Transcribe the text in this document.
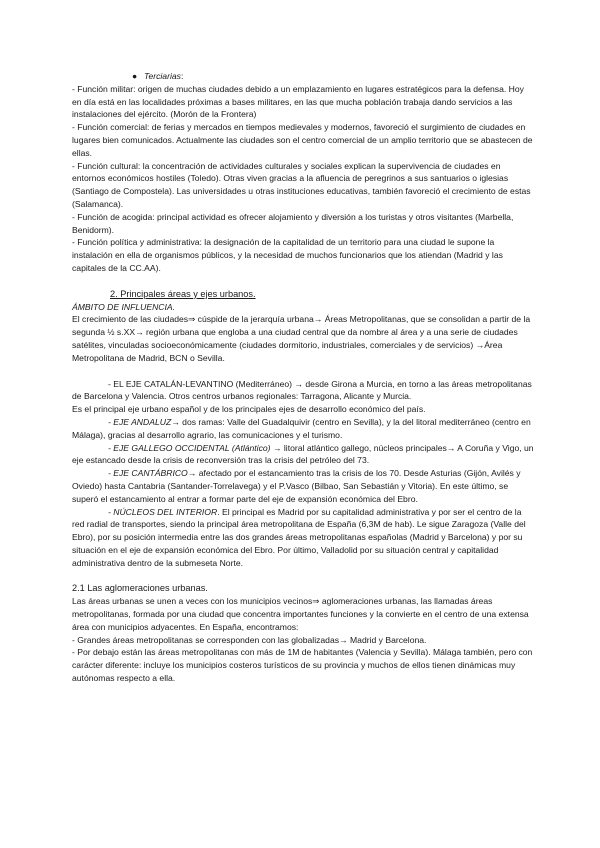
● Terciarias:

- Función militar: origen de muchas ciudades debido a un emplazamiento en lugares estratégicos para la defensa. Hoy en día está en las localidades próximas a bases militares, en las que mucha población trabaja dando servicios a las instalaciones del ejército. (Morón de la Frontera)

- Función comercial: de ferias y mercados en tiempos medievales y modernos, favoreció el surgimiento de ciudades en lugares bien comunicados. Actualmente las ciudades son el centro comercial de un amplio territorio que se abastecen de ellas.

- Función cultural: la concentración de actividades culturales y sociales explican la supervivencia de ciudades en entornos económicos hostiles (Toledo). Otras viven gracias a la afluencia de peregrinos a sus santuarios o iglesias (Santiago de Compostela). Las universidades u otras instituciones educativas, también favoreció el crecimiento de estas (Salamanca).

- Función de acogida: principal actividad es ofrecer alojamiento y diversión a los turistas y otros visitantes (Marbella, Benidorm).

- Función política y administrativa: la designación de la capitalidad de un territorio para una ciudad le supone la instalación en ella de organismos públicos, y la necesidad de muchos funcionarios que los atiendan (Madrid y las capitales de la CC.AA).

2. Principales áreas y ejes urbanos.

ÁMBITO DE INFLUENCIA.

El crecimiento de las ciudades⇒ cúspide de la jerarquía urbana→ Áreas Metropolitanas, que se consolidan a partir de la segunda ½ s.XX→ región urbana que engloba a una ciudad central que da nombre al área y a una serie de ciudades satélites, vinculadas socioeconómicamente (ciudades dormitorio, industriales, comerciales y de servicios) →Área Metropolitana de Madrid, BCN o Sevilla.

- EL EJE CATALÁN-LEVANTINO (Mediterráneo) → desde Girona a Murcia, en torno a las áreas metropolitanas de Barcelona y Valencia. Otros centros urbanos regionales: Tarragona, Alicante y Murcia.

Es el principal eje urbano español y de los principales ejes de desarrollo económico del país.

- EJE ANDALUZ→ dos ramas: Valle del Guadalquivir (centro en Sevilla), y la del litoral mediterráneo (centro en Málaga), gracias al desarrollo agrario, las comunicaciones y el turismo.

- EJE GALLEGO OCCIDENTAL (Atlántico) → litoral atlántico gallego, núcleos principales→ A Coruña y Vigo, un eje estancado desde la crisis de reconversión tras la crisis del petróleo del 73.

- EJE CANTÁBRICO→ afectado por el estancamiento tras la crisis de los 70. Desde Asturias (Gijón, Avilés y Oviedo) hasta Cantabria (Santander-Torrelavega) y el P.Vasco (Bilbao, San Sebastián y Vitoria). En este último, se superó el estancamiento al entrar a formar parte del eje de expansión económica del Ebro.

- NÚCLEOS DEL INTERIOR. El principal es Madrid por su capitalidad administrativa y por ser el centro de la red radial de transportes, siendo la principal área metropolitana de España (6,3M de hab). Le sigue Zaragoza (Valle del Ebro), por su posición intermedia entre las dos grandes áreas metropolitanas españolas (Madrid y Barcelona) y por su situación en el eje de expansión económica del Ebro. Por último, Valladolid por su situación central y capitalidad administrativa dentro de la submeseta Norte.

2.1 Las aglomeraciones urbanas.

Las áreas urbanas se unen a veces con los municipios vecinos⇒ aglomeraciones urbanas, las llamadas áreas metropolitanas, formada por una ciudad que concentra importantes funciones y la convierte en el centro de una extensa área con municipios adyacentes. En España, encontramos:

- Grandes áreas metropolitanas se corresponden con las globalizadas→ Madrid y Barcelona.

- Por debajo están las áreas metropolitanas con más de 1M de habitantes (Valencia y Sevilla). Málaga también, pero con carácter diferente: incluye los municipios costeros turísticos de su provincia y muchos de ellos tienen dinámicas muy autónomas respecto a ella.
